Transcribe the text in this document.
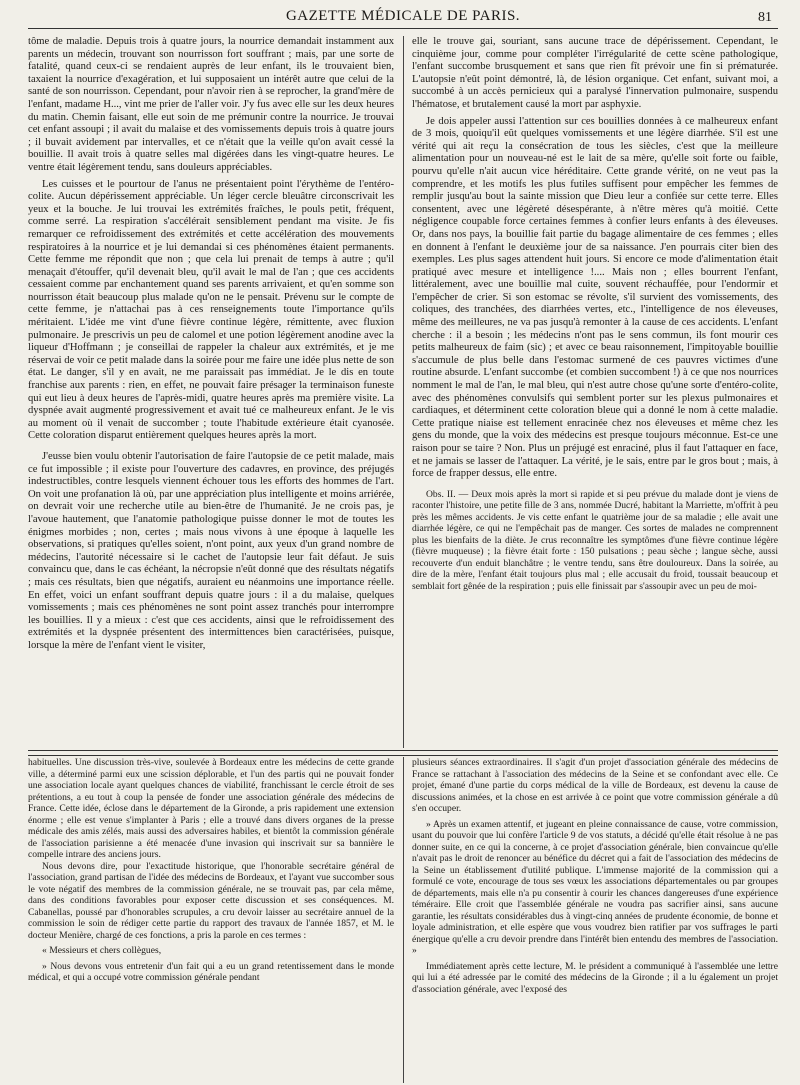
GAZETTE MÉDICALE DE PARIS.	81

tôme de maladie. Depuis trois à quatre jours, la nourrice demandait instamment aux parents un médecin, trouvant son nourrisson fort souffrant ; mais, par une sorte de fatalité, quand ceux-ci se rendaient auprès de leur enfant, ils le trouvaient bien, taxaient la nourrice d'exagération, et lui supposaient un intérêt autre que celui de la santé de son nourrisson. Cependant, pour n'avoir rien à se reprocher, la grand'mère de l'enfant, madame H..., vint me prier de l'aller voir. J'y fus avec elle sur les deux heures du matin. Chemin faisant, elle eut soin de me prémunir contre la nourrice. Je trouvai cet enfant assoupi ; il avait du malaise et des vomissements depuis trois à quatre jours ; il buvait avidement par intervalles, et ce n'était que la veille qu'on avait cessé la bouillie. Il avait trois à quatre selles mal digérées dans les vingt-quatre heures. Le ventre était légèrement tendu, sans douleurs appréciables.

Les cuisses et le pourtour de l'anus ne présentaient point l'érythème de l'entéro-colite. Aucun dépérissement appréciable. Un léger cercle bleuâtre circonscrivait les yeux et la bouche. Je lui trouvai les extrémités fraîches, le pouls petit, fréquent, comme serré. La respiration s'accélérait sensiblement pendant ma visite. Je fis remarquer ce refroidissement des extrémités et cette accélération des mouvements respiratoires à la nourrice et je lui demandai si ces phénomènes étaient permanents. Cette femme me répondit que non ; que cela lui prenait de temps à autre ; qu'il menaçait d'étouffer, qu'il devenait bleu, qu'il avait le mal de l'an ; que ces accidents cessaient comme par enchantement quand ses parents arrivaient, et qu'en somme son nourrisson était beaucoup plus malade qu'on ne le pensait. Prévenu sur le compte de cette femme, je n'attachai pas à ces renseignements toute l'importance qu'ils méritaient. L'idée me vint d'une fièvre continue légère, rémittente, avec fluxion pulmonaire. Je prescrivis un peu de calomel et une potion légèrement anodine avec la liqueur d'Hoffmann ; je conseillai de rappeler la chaleur aux extrémités, et je me réservai de voir ce petit malade dans la soirée pour me faire une idée plus nette de son état. Le danger, s'il y en avait, ne me paraissait pas immédiat. Je le dis en toute franchise aux parents : rien, en effet, ne pouvait faire présager la terminaison funeste qui eut lieu à deux heures de l'après-midi, quatre heures après ma première visite. La dyspnée avait augmenté progressivement et avait tué ce malheureux enfant. Je le vis au moment où il venait de succomber ; toute l'habitude extérieure était cyanosée. Cette coloration disparut entièrement quelques heures après la mort.

J'eusse bien voulu obtenir l'autorisation de faire l'autopsie de ce petit malade, mais ce fut impossible ; il existe pour l'ouverture des cadavres, en province, des préjugés indestructibles, contre lesquels viennent échouer tous les efforts des hommes de l'art. On voit une profanation là où, par une appréciation plus intelligente et moins arriérée, on devrait voir une recherche utile au bien-être de l'humanité. Je ne crois pas, je l'avoue hautement, que l'anatomie pathologique puisse donner le mot de toutes les énigmes morbides ; non, certes ; mais nous vivons à une époque à laquelle les observations, si pratiques qu'elles soient, n'ont point, aux yeux d'un grand nombre de médecins, l'autorité nécessaire si le cachet de l'autopsie leur fait défaut. Je suis convaincu que, dans le cas échéant, la nécropsie n'eût donné que des résultats négatifs ; mais ces résultats, bien que négatifs, auraient eu néanmoins une importance réelle. En effet, voici un enfant souffrant depuis quatre jours : il a du malaise, quelques vomissements ; mais ces phénomènes ne sont point assez tranchés pour interrompre les bouillies. Il y a mieux : c'est que ces accidents, ainsi que le refroidissement des extrémités et la dyspnée présentent des intermittences bien caractérisées, puisque, lorsque la mère de l'enfant vient le visiter,

elle le trouve gai, souriant, sans aucune trace de dépérissement. Cependant, le cinquième jour, comme pour compléter l'irrégularité de cette scène pathologique, l'enfant succombe brusquement et sans que rien fît prévoir une fin si prématurée. L'autopsie n'eût point démontré, là, de lésion organique. Cet enfant, suivant moi, a succombé à un accès pernicieux qui a paralysé l'innervation pulmonaire, suspendu l'hématose, et brutalement causé la mort par asphyxie.

Je dois appeler aussi l'attention sur ces bouillies données à ce malheureux enfant de 3 mois, quoiqu'il eût quelques vomissements et une légère diarrhée. S'il est une vérité qui ait reçu la consécration de tous les siècles, c'est que la meilleure alimentation pour un nouveau-né est le lait de sa mère, qu'elle soit forte ou faible, pourvu qu'elle n'ait aucun vice héréditaire. Cette grande vérité, on ne veut pas la comprendre, et les motifs les plus futiles suffisent pour empêcher les femmes de remplir jusqu'au bout la sainte mission que Dieu leur a confiée sur cette terre. Elles consentent, avec une légèreté désespérante, à n'être mères qu'à moitié. Cette négligence coupable force certaines femmes à confier leurs enfants à des éleveuses. Or, dans nos pays, la bouillie fait partie du bagage alimentaire de ces femmes ; elles en donnent à l'enfant le deuxième jour de sa naissance. J'en pourrais citer bien des exemples. Les plus sages attendent huit jours. Si encore ce mode d'alimentation était pratiqué avec mesure et intelligence !.... Mais non ; elles bourrent l'enfant, littéralement, avec une bouillie mal cuite, souvent réchauffée, pour l'endormir et l'empêcher de crier. Si son estomac se révolte, s'il survient des vomissements, des coliques, des tranchées, des diarrhées vertes, etc., l'intelligence de nos éleveuses, même des meilleures, ne va pas jusqu'à remonter à la cause de ces accidents. L'enfant cherche : il a besoin ; les médecins n'ont pas le sens commun, ils font mourir ces petits malheureux de faim (sic) ; et avec ce beau raisonnement, l'impitoyable bouillie s'accumule de plus belle dans l'estomac surmené de ces pauvres victimes d'une routine absurde. L'enfant succombe (et combien succombent !) à ce que nos nourrices nomment le mal de l'an, le mal bleu, qui n'est autre chose qu'une sorte d'entéro-colite, avec des phénomènes convulsifs qui semblent porter sur les plexus pulmonaires et cardiaques, et déterminent cette coloration bleue qui a donné le nom à cette maladie. Cette pratique niaise est tellement enracinée chez nos éleveuses et même chez les gens du monde, que la voix des médecins est presque toujours méconnue. Est-ce une raison pour se taire ? Non. Plus un préjugé est enraciné, plus il faut l'attaquer en face, et ne jamais se lasser de l'attaquer. La vérité, je le sais, entre par le gros bout ; mais, à force de frapper dessus, elle entre.

Obs. II. — Deux mois après la mort si rapide et si peu prévue du malade dont je viens de raconter l'histoire, une petite fille de 3 ans, nommée Ducré, habitant la Marriette, m'offrit à peu près les mêmes accidents. Je vis cette enfant le quatrième jour de sa maladie ; elle avait une diarrhée légère, ce qui ne l'empêchait pas de manger. Ces sortes de malades ne comprennent plus les bienfaits de la diète. Je crus reconnaître les symptômes d'une fièvre continue légère (fièvre muqueuse) ; la fièvre était forte : 150 pulsations ; peau sèche ; langue sèche, aussi recouverte d'un enduit blanchâtre ; le ventre tendu, sans être douloureux. Dans la soirée, au dire de la mère, l'enfant était toujours plus mal ; elle accusait du froid, toussait beaucoup et semblait fort gênée de la respiration ; puis elle finissait par s'assoupir avec un peu de moi-

habituelles. Une discussion très-vive, soulevée à Bordeaux entre les médecins de cette grande ville, a déterminé parmi eux une scission déplorable, et l'un des partis qui ne pouvait fonder une association locale ayant quelques chances de viabilité, franchissant le cercle étroit de ses prétentions, a eu tout à coup la pensée de fonder une association générale des médecins de France. Cette idée, éclose dans le département de la Gironde, a pris rapidement une extension énorme ; elle est venue s'implanter à Paris ; elle a trouvé dans divers organes de la presse médicale des amis zélés, mais aussi des adversaires habiles, et bientôt la commission générale de l'association parisienne a été menacée d'une invasion qui inscrivait sur sa bannière le compelle intrare des anciens jours.

Nous devons dire, pour l'exactitude historique, que l'honorable secrétaire général de l'association, grand partisan de l'idée des médecins de Bordeaux, et l'ayant vue succomber sous le vote négatif des membres de la commission générale, ne se trouvait pas, par cela même, dans des conditions favorables pour exposer cette discussion et ses conséquences. M. Cabanellas, poussé par d'honorables scrupules, a cru devoir laisser au secrétaire annuel de la commission le soin de rédiger cette partie du rapport des travaux de l'année 1857, et M. le docteur Menière, chargé de ces fonctions, a pris la parole en ces termes :

« Messieurs et chers collègues,

» Nous devons vous entretenir d'un fait qui a eu un grand retentissement dans le monde médical, et qui a occupé votre commission générale pendant

plusieurs séances extraordinaires. Il s'agit d'un projet d'association générale des médecins de France se rattachant à l'association des médecins de la Seine et se confondant avec elle. Ce projet, émané d'une partie du corps médical de la ville de Bordeaux, est devenu la cause de discussions animées, et la chose en est arrivée à ce point que votre commission générale a dû s'en occuper.

» Après un examen attentif, et jugeant en pleine connaissance de cause, votre commission, usant du pouvoir que lui confère l'article 9 de vos statuts, a décidé qu'elle était résolue à ne pas donner suite, en ce qui la concerne, à ce projet d'association générale, bien convaincue qu'elle n'avait pas le droit de renoncer au bénéfice du décret qui a fait de l'association des médecins de la Seine un établissement d'utilité publique. L'immense majorité de la commission qui a formulé ce vote, encourage de tous ses vœux les associations départementales ou par groupes de départements, mais elle n'a pu consentir à courir les chances dangereuses d'une expérience téméraire. Elle croit que l'assemblée générale ne voudra pas sacrifier ainsi, sans aucune garantie, les résultats considérables dus à vingt-cinq années de prudente économie, de bonne et loyale administration, et elle espère que vous voudrez bien ratifier par vos suffrages le parti énergique qu'elle a cru devoir prendre dans l'intérêt bien entendu des membres de l'association. »

Immédiatement après cette lecture, M. le président a communiqué à l'assemblée une lettre qui lui a été adressée par le comité des médecins de la Gironde ; il a lu également un projet d'association générale, avec l'exposé des
